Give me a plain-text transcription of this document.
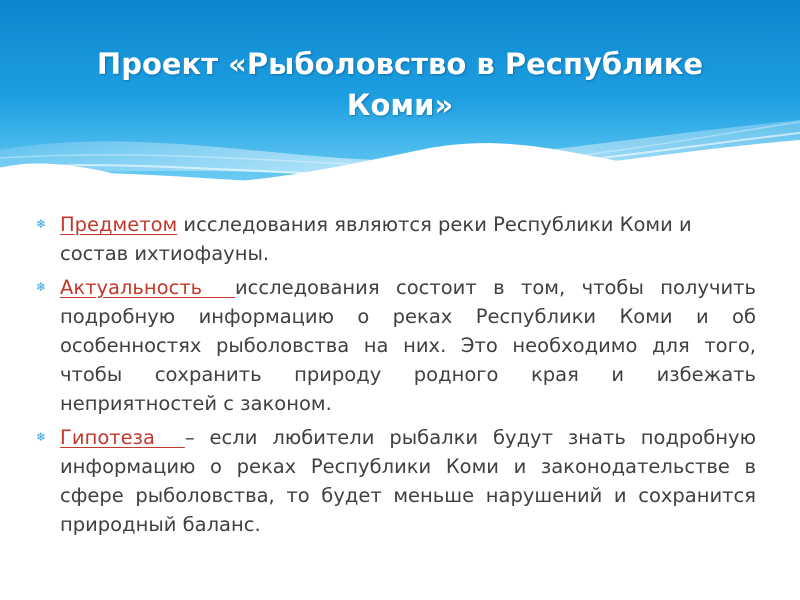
Проект «Рыболовство в Республике Коми»
❄ Предметом исследования являются реки Республики Коми и состав ихтиофауны.
❄ Актуальность  исследования состоит в том, чтобы получить подробную информацию о реках Республики Коми и об особенностях рыболовства на них. Это необходимо для того, чтобы сохранить природу родного края и избежать неприятностей с законом.
❄ Гипотеза  – если любители рыбалки будут знать подробную информацию о реках Республики Коми и законодательстве в сфере рыболовства, то будет меньше нарушений и сохранится природный баланс.
